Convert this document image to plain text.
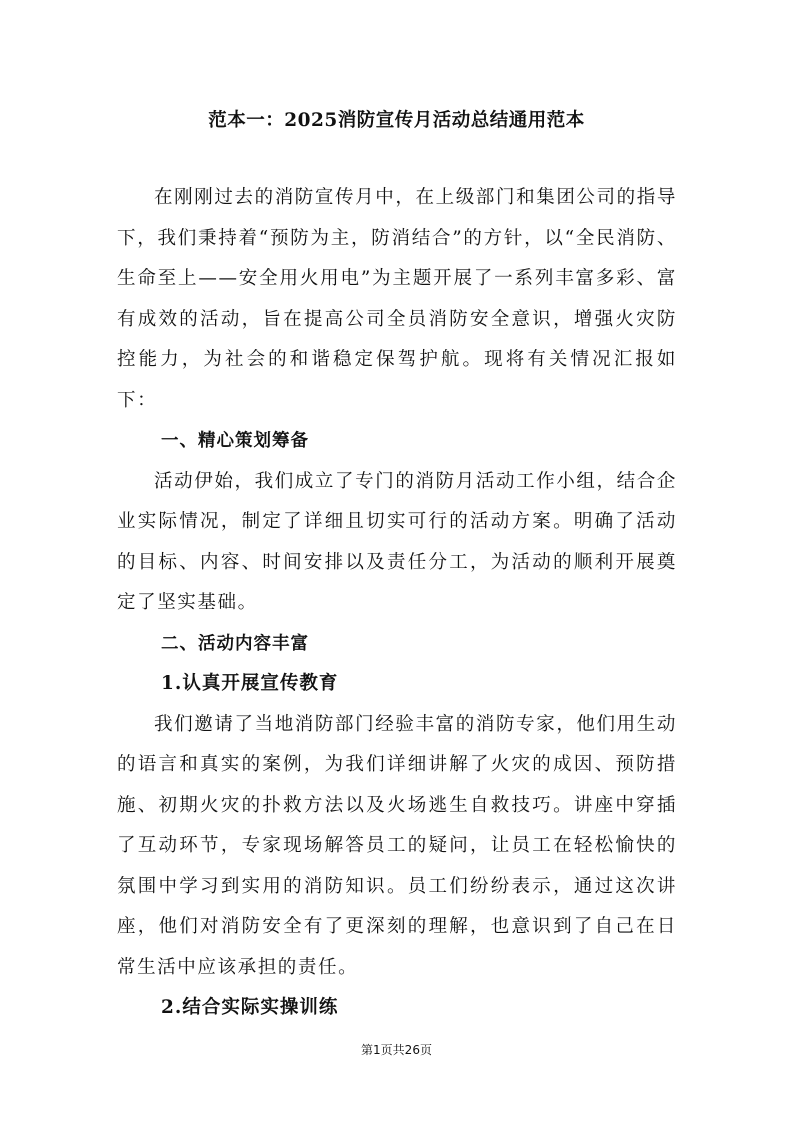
范本一：2025消防宣传月活动总结通用范本

在刚刚过去的消防宣传月中，在上级部门和集团公司的指导下，我们秉持着“预防为主，防消结合”的方针，以“全民消防、生命至上——安全用火用电”为主题开展了一系列丰富多彩、富有成效的活动，旨在提高公司全员消防安全意识，增强火灾防控能力，为社会的和谐稳定保驾护航。现将有关情况汇报如下：

一、精心策划筹备

活动伊始，我们成立了专门的消防月活动工作小组，结合企业实际情况，制定了详细且切实可行的活动方案。明确了活动的目标、内容、时间安排以及责任分工，为活动的顺利开展奠定了坚实基础。

二、活动内容丰富

1.认真开展宣传教育

我们邀请了当地消防部门经验丰富的消防专家，他们用生动的语言和真实的案例，为我们详细讲解了火灾的成因、预防措施、初期火灾的扑救方法以及火场逃生自救技巧。讲座中穿插了互动环节，专家现场解答员工的疑问，让员工在轻松愉快的氛围中学习到实用的消防知识。员工们纷纷表示，通过这次讲座，他们对消防安全有了更深刻的理解，也意识到了自己在日常生活中应该承担的责任。

2.结合实际实操训练

第1页共26页
